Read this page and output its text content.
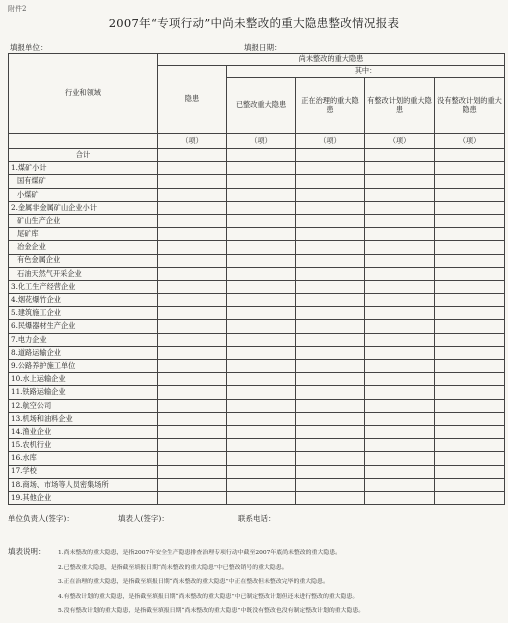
附件2
2007年“专项行动”中尚未整改的重大隐患整改情况报表
填报单位：	填报日期：
行业和领域	尚未整改的重大隐患				
	隐患	其中：			
		已整改重大隐患	正在治理的重大隐患	有整改计划的重大隐患	没有整改计划的重大隐患
	（项）	（项）	（项）	（项）	（项）
合计					
1.煤矿小计					
国有煤矿					
小煤矿					
2.金属非金属矿山企业小计					
矿山生产企业					
尾矿库					
冶金企业					
有色金属企业					
石油天然气开采企业					
3.化工生产经营企业					
4.烟花爆竹企业					
5.建筑施工企业					
6.民爆器材生产企业					
7.电力企业					
8.道路运输企业					
9.公路养护施工单位					
10.水上运输企业					
11.铁路运输企业					
12.航空公司					
13.机场和油料企业					
14.渔业企业					
15.农机行业					
16.水库					
17.学校					
18.商场、市场等人员密集场所					
19.其他企业					
单位负责人(签字)：	填表人(签字)：	联系电话：
填表说明： 1.尚未整改的重大隐患，是指2007年安全生产隐患排查治理专项行动中截至2007年底尚未整改的重大隐患。
2.已整改重大隐患，是指截至填报日期“尚未整改的重大隐患”中已整改销号的重大隐患。
3.正在治理的重大隐患，是指截至填报日期“尚未整改的重大隐患”中正在整改但未整改完毕的重大隐患。
4.有整改计划的重大隐患，是指截至填报日期“尚未整改的重大隐患”中已制定整改计划但还未进行整改的重大隐患。
5.没有整改计划的重大隐患，是指截至填报日期“尚未整改的重大隐患”中既没有整改也没有制定整改计划的重大隐患。
